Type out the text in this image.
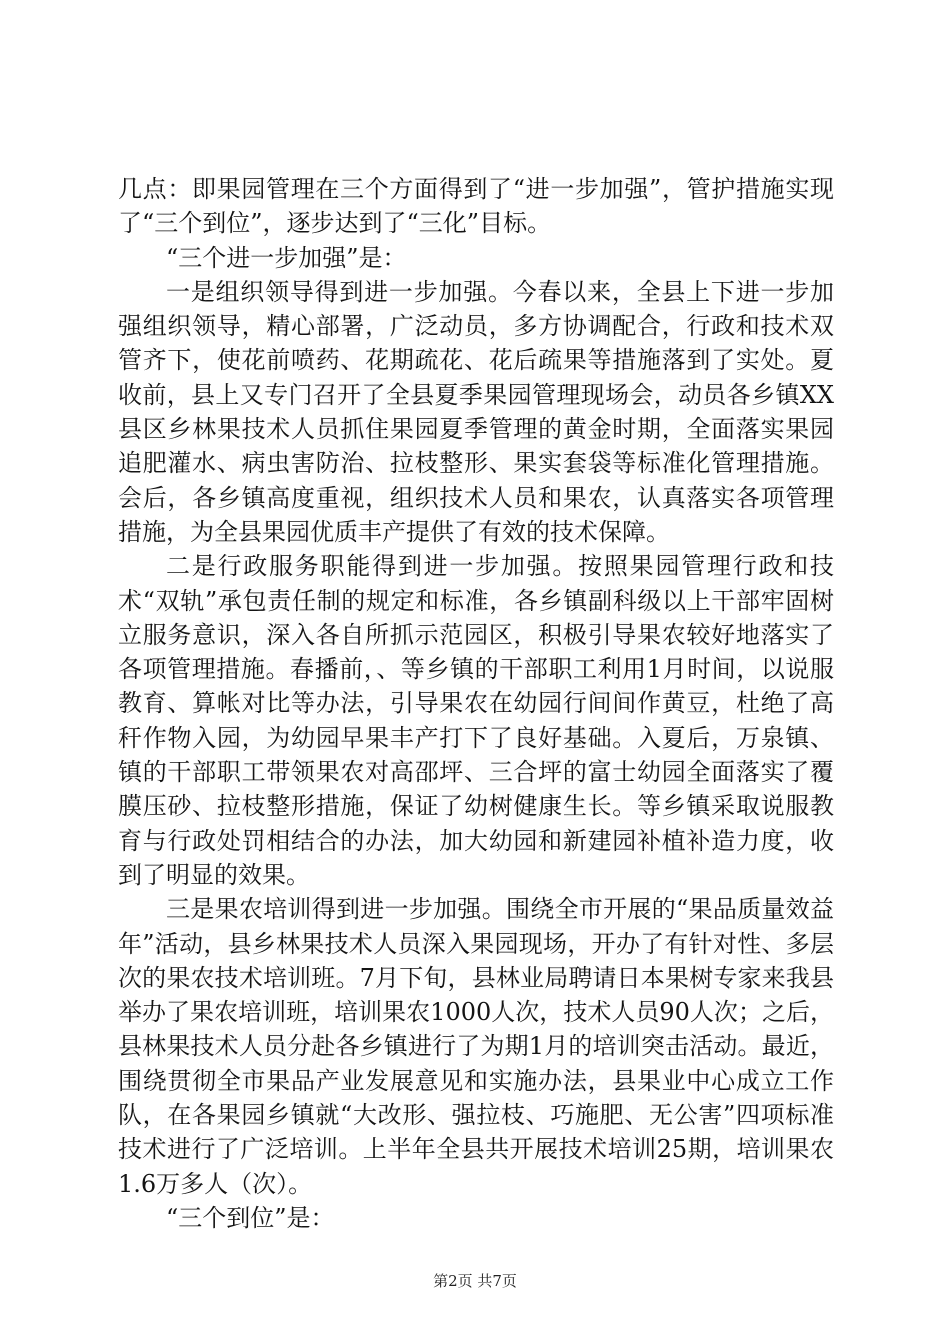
几点：即果园管理在三个方面得到了“进一步加强”，管护措施实现了“三个到位”，逐步达到了“三化”目标。

“三个进一步加强”是：

一是组织领导得到进一步加强。今春以来，全县上下进一步加强组织领导，精心部署，广泛动员，多方协调配合，行政和技术双管齐下，使花前喷药、花期疏花、花后疏果等措施落到了实处。夏收前，县上又专门召开了全县夏季果园管理现场会，动员各乡镇XX县区乡林果技术人员抓住果园夏季管理的黄金时期，全面落实果园追肥灌水、病虫害防治、拉枝整形、果实套袋等标准化管理措施。会后，各乡镇高度重视，组织技术人员和果农，认真落实各项管理措施，为全县果园优质丰产提供了有效的技术保障。

二是行政服务职能得到进一步加强。按照果园管理行政和技术“双轨”承包责任制的规定和标准，各乡镇副科级以上干部牢固树立服务意识，深入各自所抓示范园区，积极引导果农较好地落实了各项管理措施。春播前，、等乡镇的干部职工利用1月时间，以说服教育、算帐对比等办法，引导果农在幼园行间间作黄豆，杜绝了高秆作物入园，为幼园早果丰产打下了良好基础。入夏后，万泉镇、镇的干部职工带领果农对高邵坪、三合坪的富士幼园全面落实了覆膜压砂、拉枝整形措施，保证了幼树健康生长。等乡镇采取说服教育与行政处罚相结合的办法，加大幼园和新建园补植补造力度，收到了明显的效果。

三是果农培训得到进一步加强。围绕全市开展的“果品质量效益年”活动，县乡林果技术人员深入果园现场，开办了有针对性、多层次的果农技术培训班。7月下旬，县林业局聘请日本果树专家来我县举办了果农培训班，培训果农1000人次，技术人员90人次；之后，县林果技术人员分赴各乡镇进行了为期1月的培训突击活动。最近，围绕贯彻全市果品产业发展意见和实施办法，县果业中心成立工作队，在各果园乡镇就“大改形、强拉枝、巧施肥、无公害”四项标准技术进行了广泛培训。上半年全县共开展技术培训25期，培训果农1.6万多人（次）。

“三个到位”是：

第2页 共7页
